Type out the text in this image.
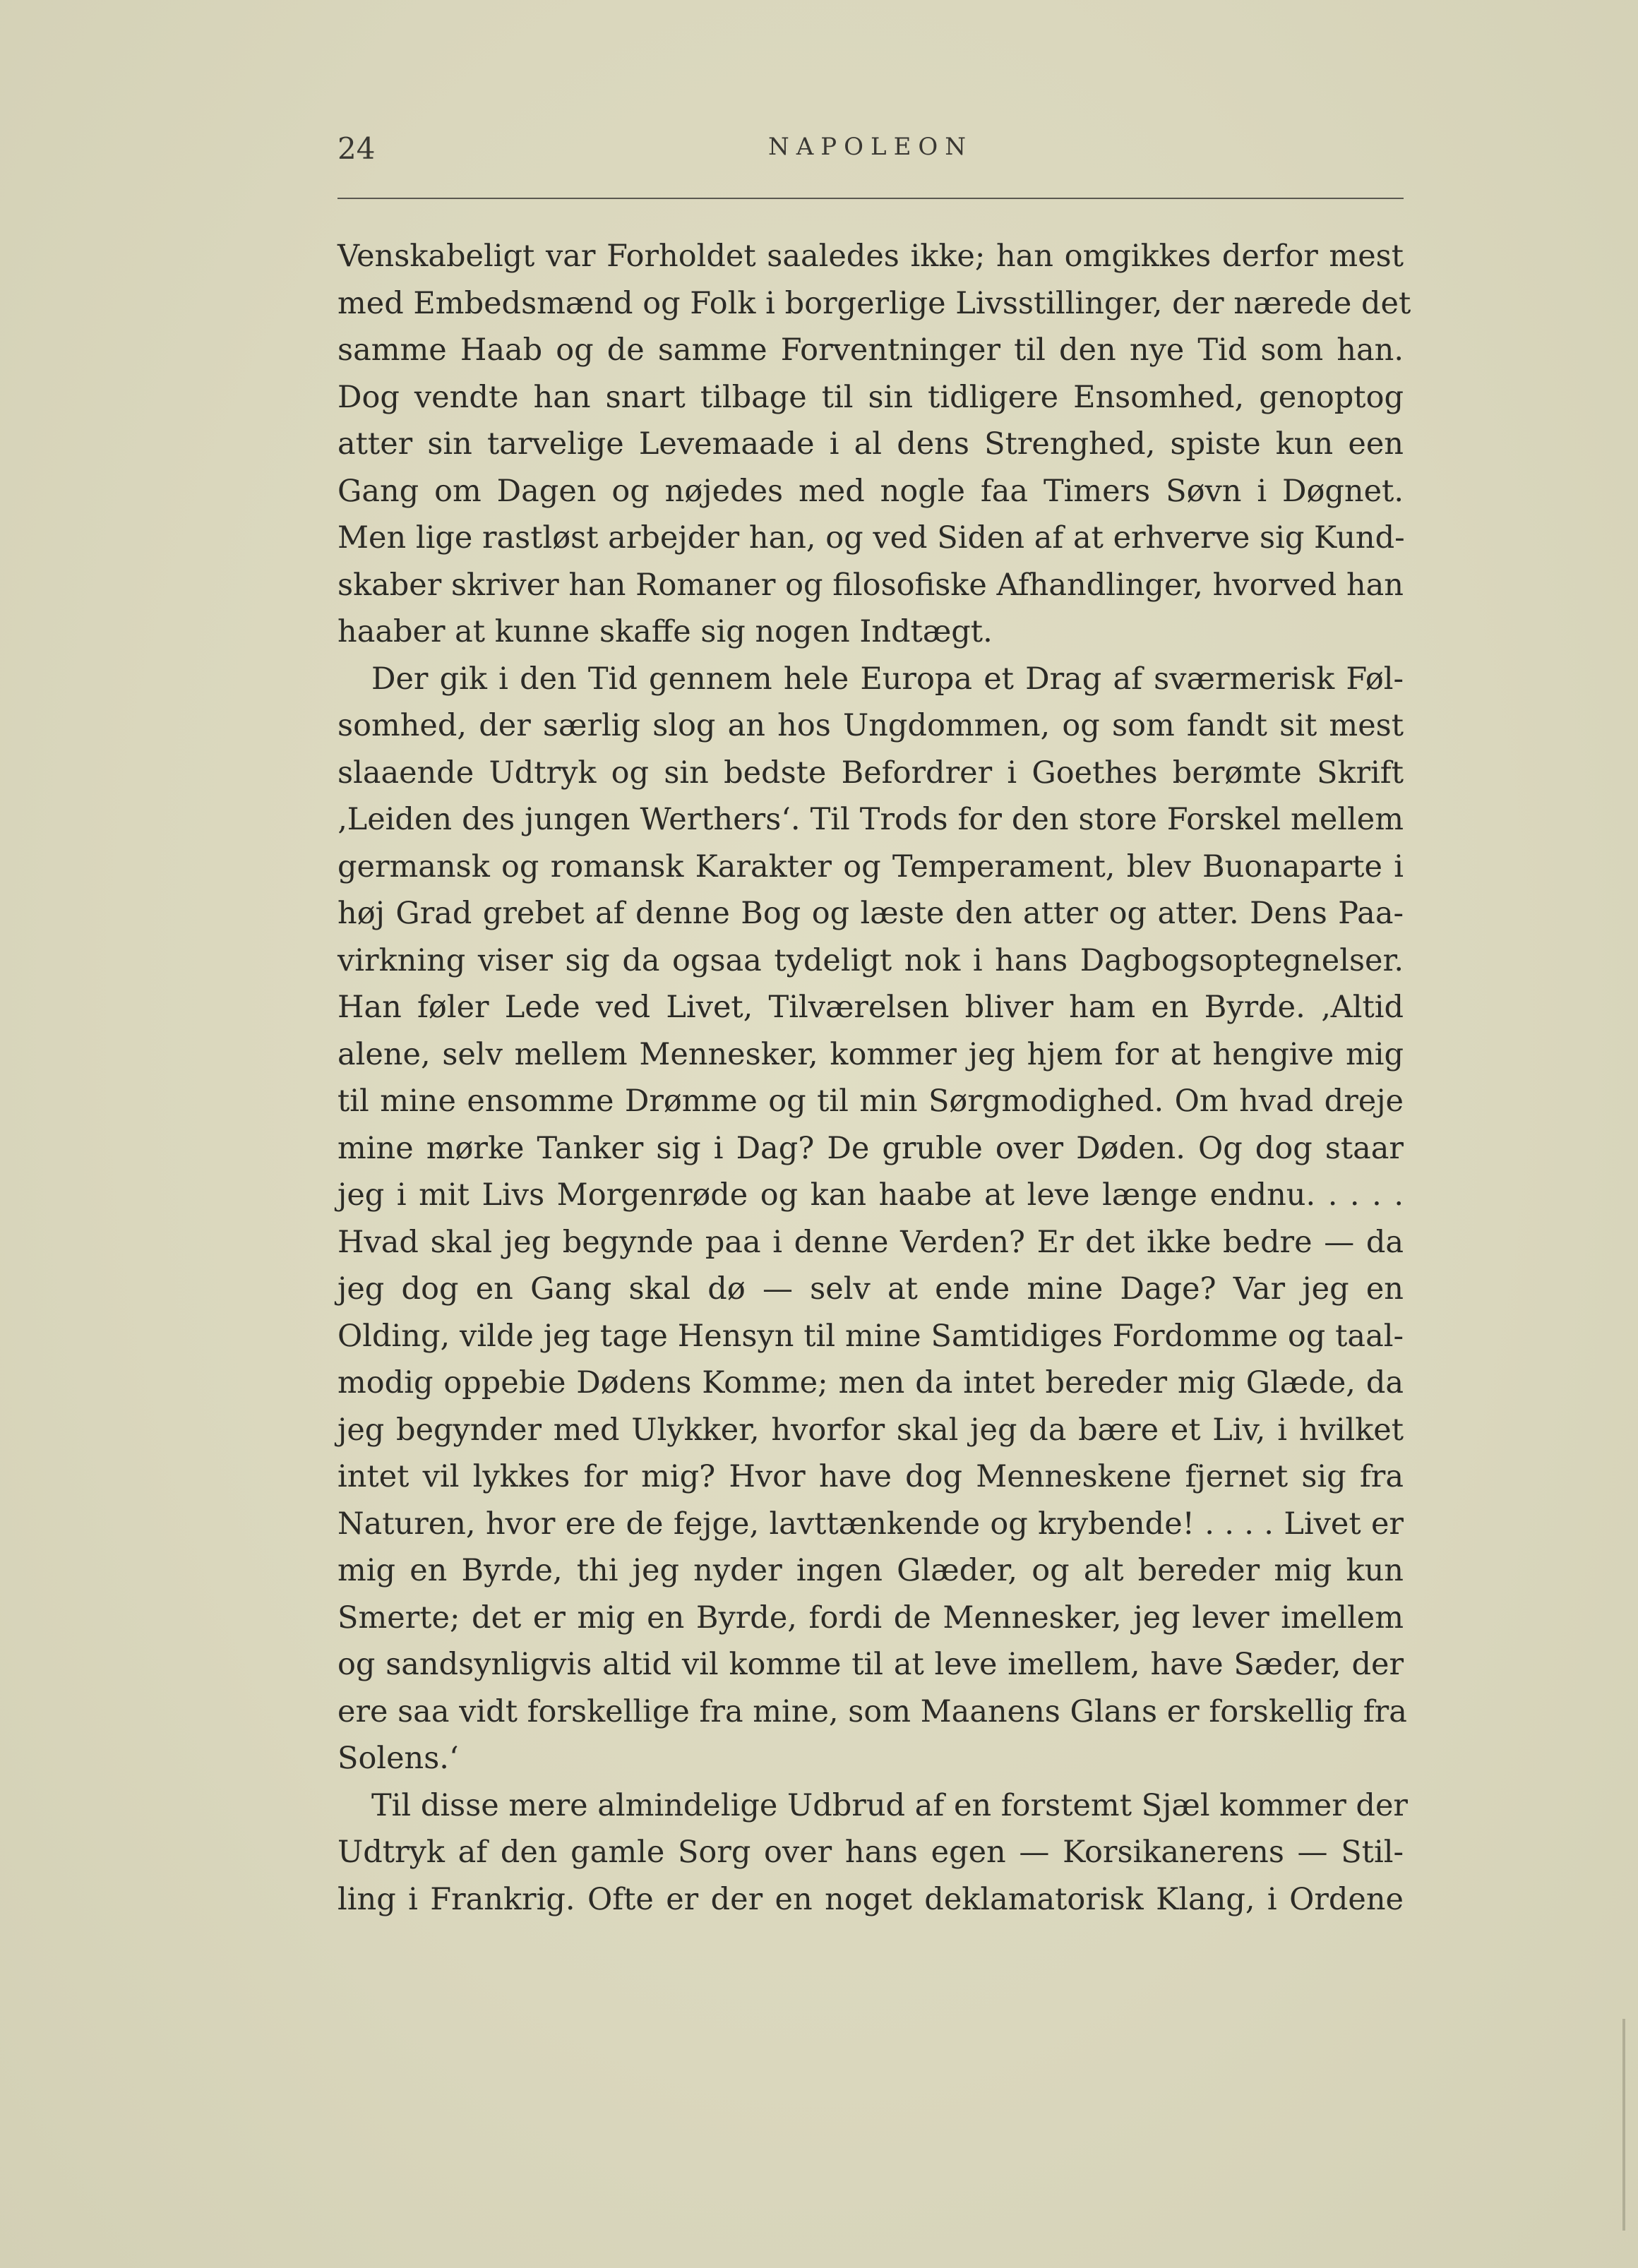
24	NAPOLEON
Venskabeligt var Forholdet saaledes ikke; han omgikkes derfor mest
med Embedsmænd og Folk i borgerlige Livsstillinger, der nærede det
samme Haab og de samme Forventninger til den nye Tid som han.
Dog vendte han snart tilbage til sin tidligere Ensomhed, genoptog
atter sin tarvelige Levemaade i al dens Strenghed, spiste kun een
Gang om Dagen og nøjedes med nogle faa Timers Søvn i Døgnet.
Men lige rastløst arbejder han, og ved Siden af at erhverve sig Kund-
skaber skriver han Romaner og filosofiske Afhandlinger, hvorved han
haaber at kunne skaffe sig nogen Indtægt.
Der gik i den Tid gennem hele Europa et Drag af sværmerisk Føl-
somhed, der særlig slog an hos Ungdommen, og som fandt sit mest
slaaende Udtryk og sin bedste Befordrer i Goethes berømte Skrift
‚Leiden des jungen Werthers‘. Til Trods for den store Forskel mellem
germansk og romansk Karakter og Temperament, blev Buonaparte i
høj Grad grebet af denne Bog og læste den atter og atter. Dens Paa-
virkning viser sig da ogsaa tydeligt nok i hans Dagbogsoptegnelser.
Han føler Lede ved Livet, Tilværelsen bliver ham en Byrde. ‚Altid
alene, selv mellem Mennesker, kommer jeg hjem for at hengive mig
til mine ensomme Drømme og til min Sørgmodighed. Om hvad dreje
mine mørke Tanker sig i Dag? De gruble over Døden. Og dog staar
jeg i mit Livs Morgenrøde og kan haabe at leve længe endnu. . . . .
Hvad skal jeg begynde paa i denne Verden? Er det ikke bedre — da
jeg dog en Gang skal dø — selv at ende mine Dage? Var jeg en
Olding, vilde jeg tage Hensyn til mine Samtidiges Fordomme og taal-
modig oppebie Dødens Komme; men da intet bereder mig Glæde, da
jeg begynder med Ulykker, hvorfor skal jeg da bære et Liv, i hvilket
intet vil lykkes for mig? Hvor have dog Menneskene fjernet sig fra
Naturen, hvor ere de fejge, lavttænkende og krybende! . . . . Livet er
mig en Byrde, thi jeg nyder ingen Glæder, og alt bereder mig kun
Smerte; det er mig en Byrde, fordi de Mennesker, jeg lever imellem
og sandsynligvis altid vil komme til at leve imellem, have Sæder, der
ere saa vidt forskellige fra mine, som Maanens Glans er forskellig fra
Solens.‘
Til disse mere almindelige Udbrud af en forstemt Sjæl kommer der
Udtryk af den gamle Sorg over hans egen — Korsikanerens — Stil-
ling i Frankrig. Ofte er der en noget deklamatorisk Klang, i Ordene
